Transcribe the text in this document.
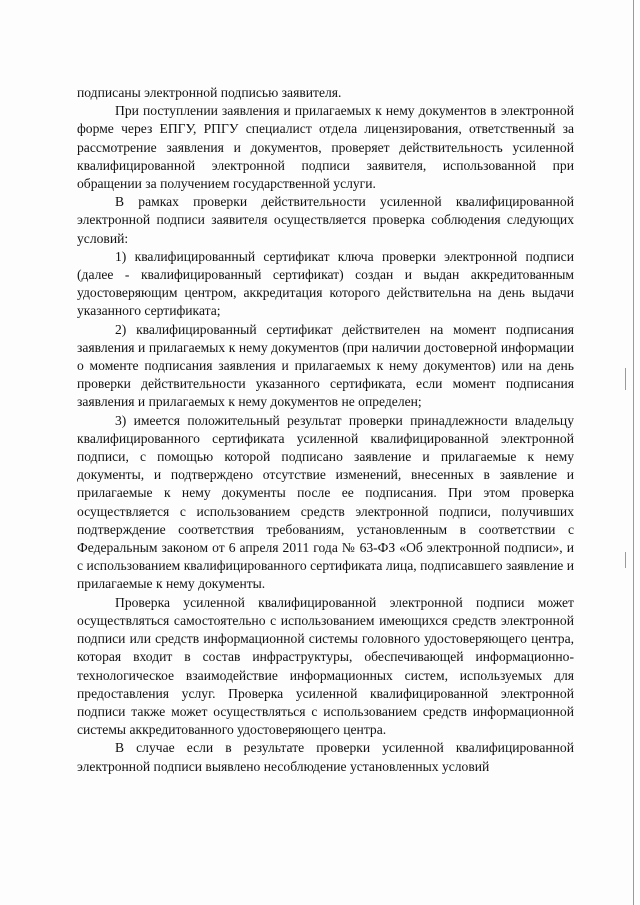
подписаны электронной подписью заявителя.

При поступлении заявления и прилагаемых к нему документов в электронной форме через ЕПГУ, РПГУ специалист отдела лицензирования, ответственный за рассмотрение заявления и документов, проверяет действительность усиленной квалифицированной электронной подписи заявителя, использованной при обращении за получением государственной услуги.

В рамках проверки действительности усиленной квалифицированной электронной подписи заявителя осуществляется проверка соблюдения следующих условий:

1) квалифицированный сертификат ключа проверки электронной подписи (далее - квалифицированный сертификат) создан и выдан аккредитованным удостоверяющим центром, аккредитация которого действительна на день выдачи указанного сертификата;

2) квалифицированный сертификат действителен на момент подписания заявления и прилагаемых к нему документов (при наличии достоверной информации о моменте подписания заявления и прилагаемых к нему документов) или на день проверки действительности указанного сертификата, если момент подписания заявления и прилагаемых к нему документов не определен;

3) имеется положительный результат проверки принадлежности владельцу квалифицированного сертификата усиленной квалифицированной электронной подписи, с помощью которой подписано заявление и прилагаемые к нему документы, и подтверждено отсутствие изменений, внесенных в заявление и прилагаемые к нему документы после ее подписания. При этом проверка осуществляется с использованием средств электронной подписи, получивших подтверждение соответствия требованиям, установленным в соответствии с Федеральным законом от 6 апреля 2011 года № 63-ФЗ «Об электронной подписи», и с использованием квалифицированного сертификата лица, подписавшего заявление и прилагаемые к нему документы.

Проверка усиленной квалифицированной электронной подписи может осуществляться самостоятельно с использованием имеющихся средств электронной подписи или средств информационной системы головного удостоверяющего центра, которая входит в состав инфраструктуры, обеспечивающей информационно-технологическое взаимодействие информационных систем, используемых для предоставления услуг. Проверка усиленной квалифицированной электронной подписи также может осуществляться с использованием средств информационной системы аккредитованного удостоверяющего центра.

В случае если в результате проверки усиленной квалифицированной электронной подписи выявлено несоблюдение установленных условий
